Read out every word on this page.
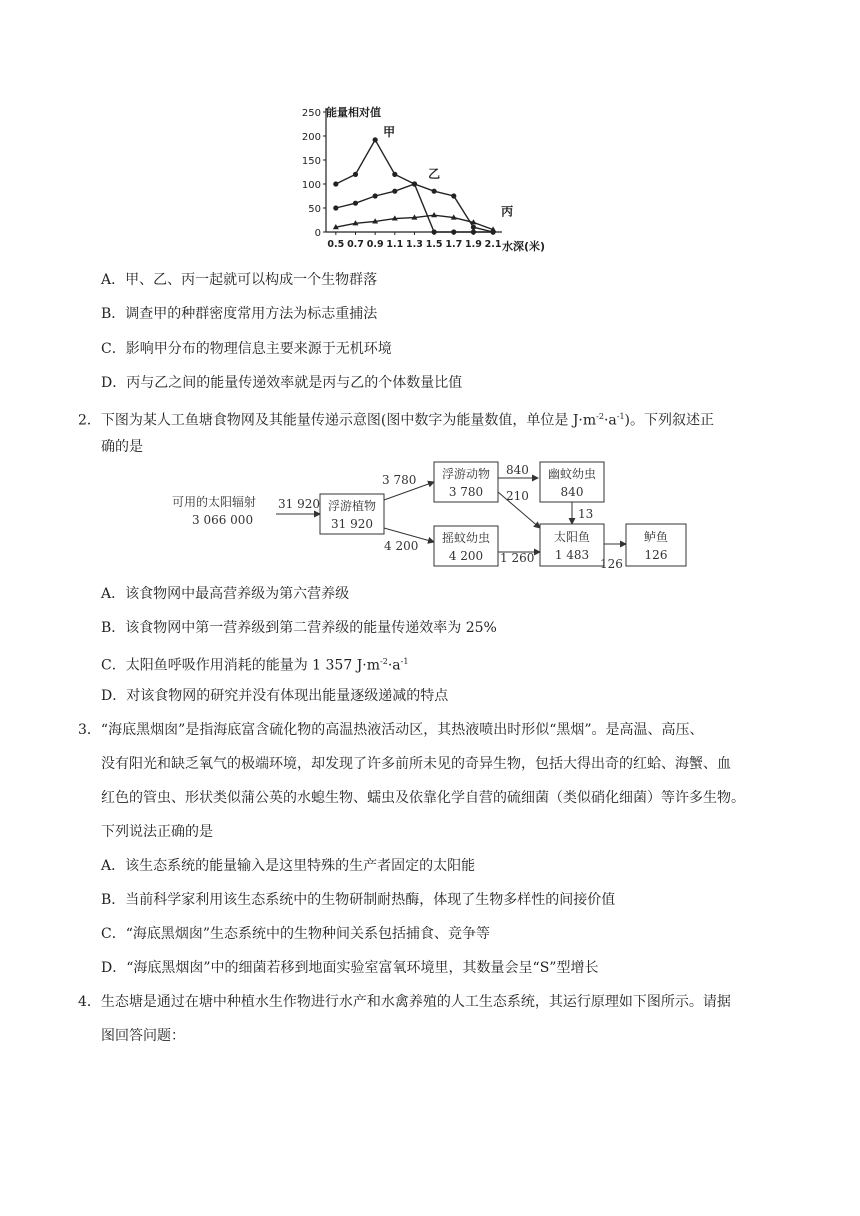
能量相对值
水深(米)
0
50
100
150
200
250
0.5 0.7 0.9 1.1 1.3 1.5 1.7 1.9 2.1
甲
乙
丙
A．甲、乙、丙一起就可以构成一个生物群落
B．调查甲的种群密度常用方法为标志重捕法
C．影响甲分布的物理信息主要来源于无机环境
D．丙与乙之间的能量传递效率就是丙与乙的个体数量比值
2．下图为某人工鱼塘食物网及其能量传递示意图(图中数字为能量数值，单位是 $J\cdot m^{-2}\cdot a^{-1}$)。下列叙述正
确的是
可用的太阳辐射
3 066 000
31 920 浮游植物
31 920
3 780
4 200
浮游动物
3 780
摇蚊幼虫
4 200
840
210
幽蚊幼虫
840
13
1 260
太阳鱼
1 483
126
鲈鱼
126
A．该食物网中最高营养级为第六营养级
B．该食物网中第一营养级到第二营养级的能量传递效率为 25%
C．太阳鱼呼吸作用消耗的能量为 1 357 $J\cdot m^{-2}\cdot a^{-1}$
D．对该食物网的研究并没有体现出能量逐级递减的特点
3．“海底黑烟囱”是指海底富含硫化物的高温热液活动区，其热液喷出时形似“黑烟”。是高温、高压、
没有阳光和缺乏氧气的极端环境，却发现了许多前所未见的奇异生物，包括大得出奇的红蛤、海蟹、血
红色的管虫、形状类似蒲公英的水螅生物、蠕虫及依靠化学自营的硫细菌（类似硝化细菌）等许多生物。
下列说法正确的是
A．该生态系统的能量输入是这里特殊的生产者固定的太阳能
B．当前科学家利用该生态系统中的生物研制耐热酶，体现了生物多样性的间接价值
C．“海底黑烟囱”生态系统中的生物种间关系包括捕食、竞争等
D．“海底黑烟囱”中的细菌若移到地面实验室富氧环境里，其数量会呈“S”型增长
4．生态塘是通过在塘中种植水生作物进行水产和水禽养殖的人工生态系统，其运行原理如下图所示。请据
图回答问题：
